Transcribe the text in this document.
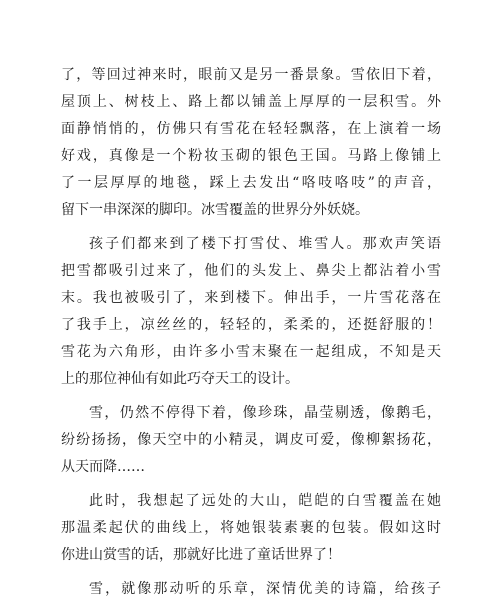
了，等回过神来时，眼前又是另一番景象。雪依旧下着，
屋顶上、树枝上、路上都以铺盖上厚厚的一层积雪。外
面静悄悄的，仿佛只有雪花在轻轻飘落，在上演着一场
好戏，真像是一个粉妆玉砌的银色王国。马路上像铺上
了一层厚厚的地毯，踩上去发出“咯吱咯吱”的声音，
留下一串深深的脚印。冰雪覆盖的世界分外妖娆。
孩子们都来到了楼下打雪仗、堆雪人。那欢声笑语
把雪都吸引过来了，他们的头发上、鼻尖上都沾着小雪
末。我也被吸引了，来到楼下。伸出手，一片雪花落在
了我手上，凉丝丝的，轻轻的，柔柔的，还挺舒服的！
雪花为六角形，由许多小雪末聚在一起组成，不知是天
上的那位神仙有如此巧夺天工的设计。
雪，仍然不停得下着，像珍珠，晶莹剔透，像鹅毛，
纷纷扬扬，像天空中的小精灵，调皮可爱，像柳絮扬花，
从天而降……
此时，我想起了远处的大山，皑皑的白雪覆盖在她
那温柔起伏的曲线上，将她银装素裹的包装。假如这时
你进山赏雪的话，那就好比进了童话世界了！
雪，就像那动听的乐章，深情优美的诗篇，给孩子
